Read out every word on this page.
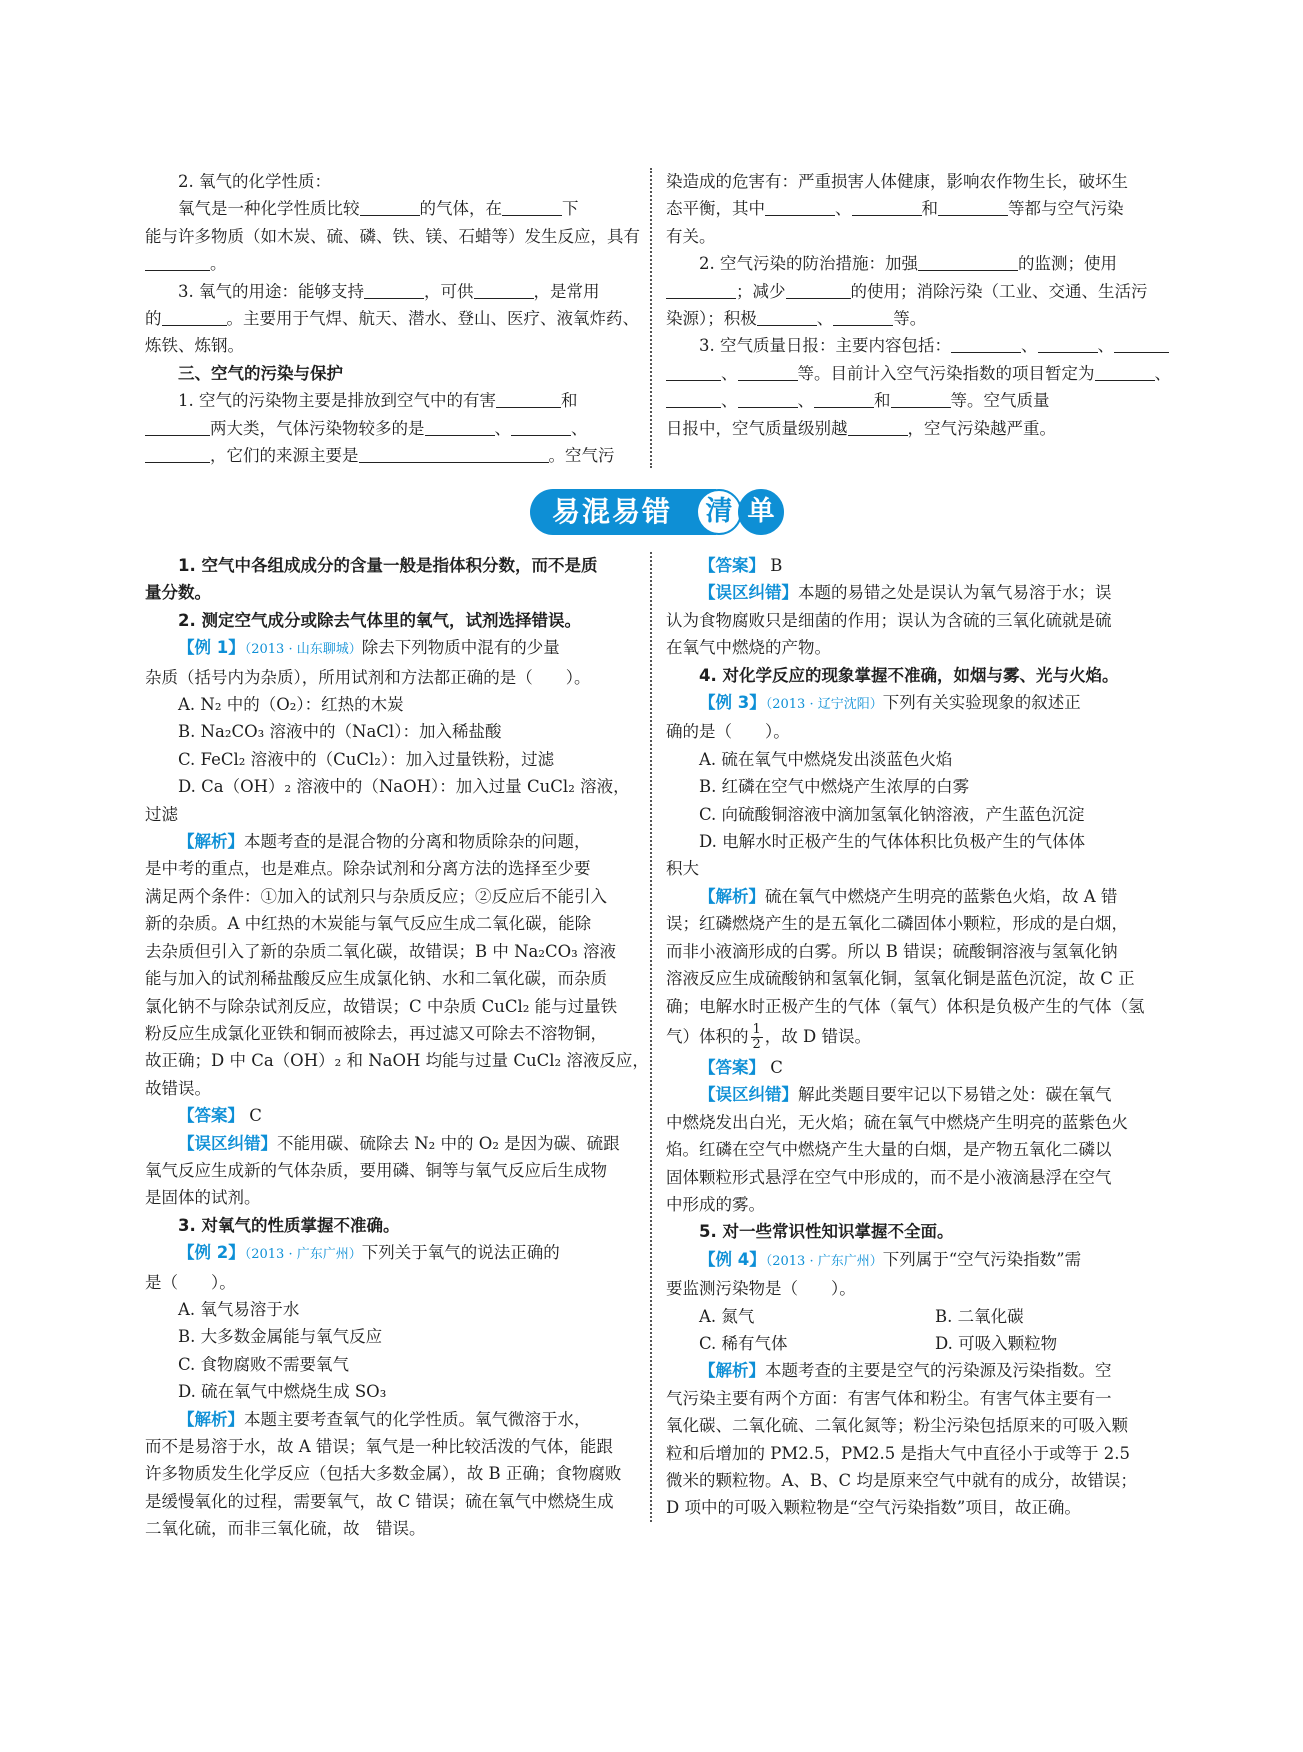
2. 氧气的化学性质：

氧气是一种化学性质比较	的气体，在	下

能与许多物质（如木炭、硫、磷、铁、镁、石蜡等）发生反应，具有

。

3. 氧气的用途：能够支持	，可供	，是常用

的	。主要用于气焊、航天、潜水、登山、医疗、液氧炸药、

炼铁、炼钢。

三、空气的污染与保护

1. 空气的污染物主要是排放到空气中的有害	和

两大类，气体污染物较多的是	、	、

，它们的来源主要是	。空气污

染造成的危害有：严重损害人体健康，影响农作物生长，破坏生

态平衡，其中	、	和	等都与空气污染

有关。

2. 空气污染的防治措施：加强	的监测；使用

；减少	的使用；消除污染（工业、交通、生活污

染源）；积极	、	等。

3. 空气质量日报：主要内容包括：	、	、

、	等。目前计入空气污染指数的项目暂定为	、

、	、	和	等。空气质量

日报中，空气质量级别越	，空气污染越严重。

易混易错	清 单

1. 空气中各组成成分的含量一般是指体积分数，而不是质

量分数。

2. 测定空气成分或除去气体里的氧气，试剂选择错误。

【例 1】（2013 · 山东聊城）除去下列物质中混有的少量

杂质（括号内为杂质），所用试剂和方法都正确的是（　　）。

A. N₂ 中的（O₂）：红热的木炭

B. Na₂CO₃ 溶液中的（NaCl）：加入稀盐酸

C. FeCl₂ 溶液中的（CuCl₂）：加入过量铁粉，过滤

D. Ca（OH）₂ 溶液中的（NaOH）：加入过量 CuCl₂ 溶液，

过滤

【解析】本题考查的是混合物的分离和物质除杂的问题，

是中考的重点，也是难点。除杂试剂和分离方法的选择至少要

满足两个条件：①加入的试剂只与杂质反应；②反应后不能引入

新的杂质。A 中红热的木炭能与氧气反应生成二氧化碳，能除

去杂质但引入了新的杂质二氧化碳，故错误；B 中 Na₂CO₃ 溶液

能与加入的试剂稀盐酸反应生成氯化钠、水和二氧化碳，而杂质

氯化钠不与除杂试剂反应，故错误；C 中杂质 CuCl₂ 能与过量铁

粉反应生成氯化亚铁和铜而被除去，再过滤又可除去不溶物铜，

故正确；D 中 Ca（OH）₂ 和 NaOH 均能与过量 CuCl₂ 溶液反应，

故错误。

【答案】 C

【误区纠错】不能用碳、硫除去 N₂ 中的 O₂ 是因为碳、硫跟

氧气反应生成新的气体杂质，要用磷、铜等与氧气反应后生成物

是固体的试剂。

3. 对氧气的性质掌握不准确。

【例 2】（2013 · 广东广州）下列关于氧气的说法正确的

是（　　）。

A. 氧气易溶于水

B. 大多数金属能与氧气反应

C. 食物腐败不需要氧气

D. 硫在氧气中燃烧生成 SO₃

【解析】本题主要考查氧气的化学性质。氧气微溶于水，

而不是易溶于水，故 A 错误；氧气是一种比较活泼的气体，能跟

许多物质发生化学反应（包括大多数金属），故 B 正确；食物腐败

是缓慢氧化的过程，需要氧气，故 C 错误；硫在氧气中燃烧生成

二氧化硫，而非三氧化硫，故　错误。

【答案】 B

【误区纠错】本题的易错之处是误认为氧气易溶于水；误

认为食物腐败只是细菌的作用；误认为含硫的三氧化硫就是硫

在氧气中燃烧的产物。

4. 对化学反应的现象掌握不准确，如烟与雾、光与火焰。

【例 3】（2013 · 辽宁沈阳）下列有关实验现象的叙述正

确的是（　　）。

A. 硫在氧气中燃烧发出淡蓝色火焰

B. 红磷在空气中燃烧产生浓厚的白雾

C. 向硫酸铜溶液中滴加氢氧化钠溶液，产生蓝色沉淀

D. 电解水时正极产生的气体体积比负极产生的气体体

积大

【解析】硫在氧气中燃烧产生明亮的蓝紫色火焰，故 A 错

误；红磷燃烧产生的是五氧化二磷固体小颗粒，形成的是白烟，

而非小液滴形成的白雾。所以 B 错误；硫酸铜溶液与氢氧化钠

溶液反应生成硫酸钠和氢氧化铜，氢氧化铜是蓝色沉淀，故 C 正

确；电解水时正极产生的气体（氧气）体积是负极产生的气体（氢

气）体积的 $\frac{1}{2}$ ，故 D 错误。

【答案】 C

【误区纠错】解此类题目要牢记以下易错之处：碳在氧气

中燃烧发出白光，无火焰；硫在氧气中燃烧产生明亮的蓝紫色火

焰。红磷在空气中燃烧产生大量的白烟，是产物五氧化二磷以

固体颗粒形式悬浮在空气中形成的，而不是小液滴悬浮在空气

中形成的雾。

5. 对一些常识性知识掌握不全面。

【例 4】（2013 · 广东广州）下列属于“空气污染指数”需

要监测污染物是（　　）。

A. 氮气	B. 二氧化碳

C. 稀有气体	D. 可吸入颗粒物

【解析】本题考查的主要是空气的污染源及污染指数。空

气污染主要有两个方面：有害气体和粉尘。有害气体主要有一

氧化碳、二氧化硫、二氧化氮等；粉尘污染包括原来的可吸入颗

粒和后增加的 PM2.5，PM2.5 是指大气中直径小于或等于 2.5

微米的颗粒物。A、B、C 均是原来空气中就有的成分，故错误；

D 项中的可吸入颗粒物是“空气污染指数”项目，故正确。
